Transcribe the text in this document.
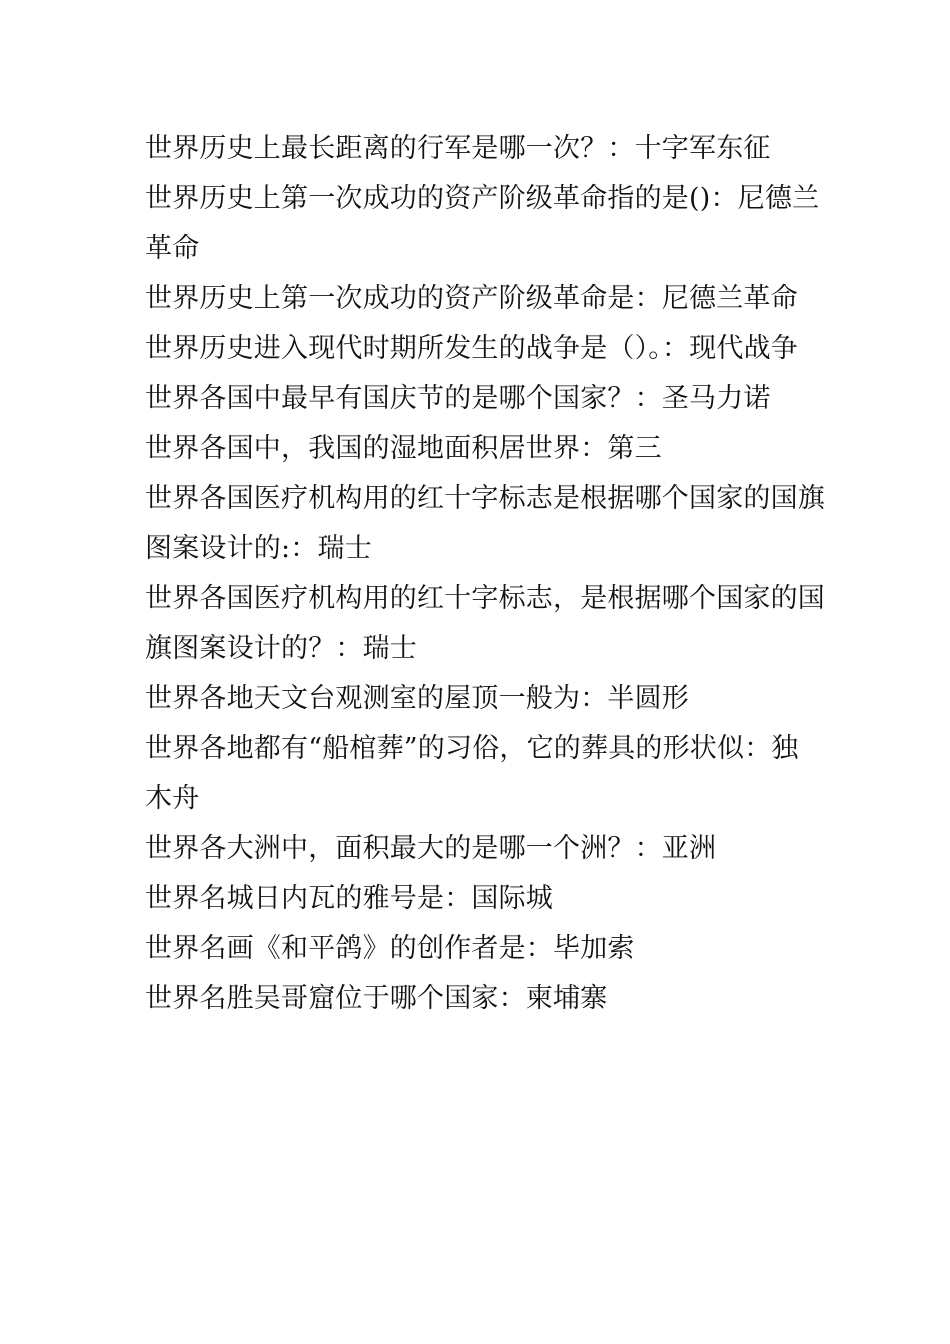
世界历史上最长距离的行军是哪一次？：十字军东征

世界历史上第一次成功的资产阶级革命指的是()：尼德兰革命

世界历史上第一次成功的资产阶级革命是：尼德兰革命

世界历史进入现代时期所发生的战争是（）。：现代战争

世界各国中最早有国庆节的是哪个国家？：圣马力诺

世界各国中，我国的湿地面积居世界：第三

世界各国医疗机构用的红十字标志是根据哪个国家的国旗图案设计的:：瑞士

世界各国医疗机构用的红十字标志，是根据哪个国家的国旗图案设计的？：瑞士

世界各地天文台观测室的屋顶一般为：半圆形

世界各地都有“船棺葬”的习俗，它的葬具的形状似：独木舟

世界各大洲中，面积最大的是哪一个洲？：亚洲

世界名城日内瓦的雅号是：国际城

世界名画《和平鸽》的创作者是：毕加索

世界名胜吴哥窟位于哪个国家：柬埔寨
